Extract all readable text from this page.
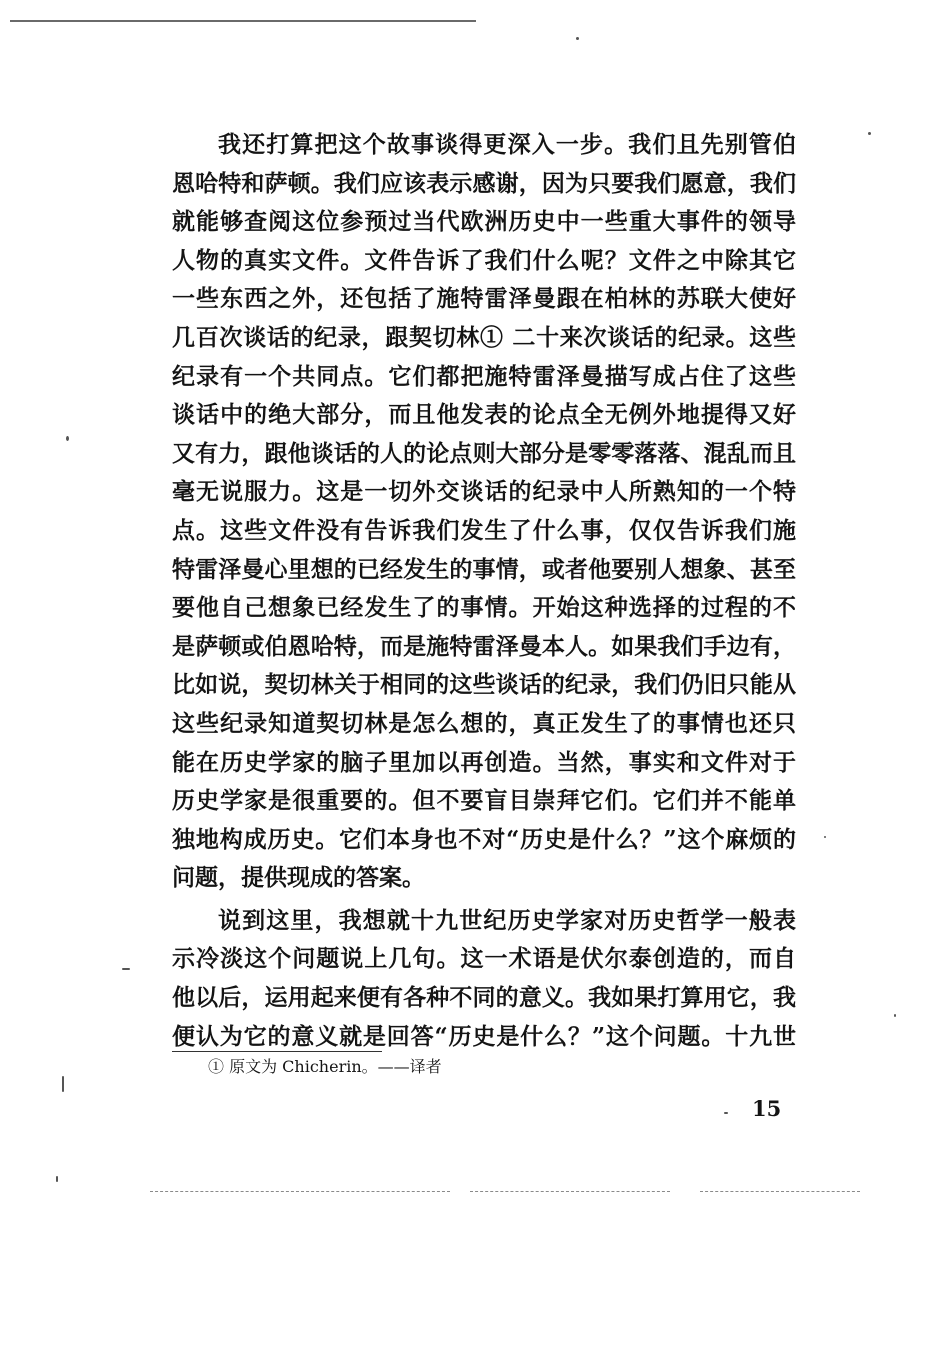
我还打算把这个故事谈得更深入一步。我们且先别管伯
恩哈特和萨顿。我们应该表示感谢，因为只要我们愿意，我们
就能够查阅这位参预过当代欧洲历史中一些重大事件的领导
人物的真实文件。文件告诉了我们什么呢？文件之中除其它
一些东西之外，还包括了施特雷泽曼跟在柏林的苏联大使好
几百次谈话的纪录，跟契切林① 二十来次谈话的纪录。这些
纪录有一个共同点。它们都把施特雷泽曼描写成占住了这些
谈话中的绝大部分，而且他发表的论点全无例外地提得又好
又有力，跟他谈话的人的论点则大部分是零零落落、混乱而且
毫无说服力。这是一切外交谈话的纪录中人所熟知的一个特
点。这些文件没有告诉我们发生了什么事，仅仅告诉我们施
特雷泽曼心里想的已经发生的事情，或者他要别人想象、甚至
要他自己想象已经发生了的事情。开始这种选择的过程的不
是萨顿或伯恩哈特，而是施特雷泽曼本人。如果我们手边有，
比如说，契切林关于相同的这些谈话的纪录，我们仍旧只能从
这些纪录知道契切林是怎么想的，真正发生了的事情也还只
能在历史学家的脑子里加以再创造。当然，事实和文件对于
历史学家是很重要的。但不要盲目崇拜它们。它们并不能单
独地构成历史。它们本身也不对“历史是什么？”这个麻烦的
问题，提供现成的答案。
说到这里，我想就十九世纪历史学家对历史哲学一般表
示冷淡这个问题说上几句。这一术语是伏尔泰创造的，而自
他以后，运用起来便有各种不同的意义。我如果打算用它，我
便认为它的意义就是回答“历史是什么？”这个问题。十九世
① 原文为 Chicherin。——译者
15
